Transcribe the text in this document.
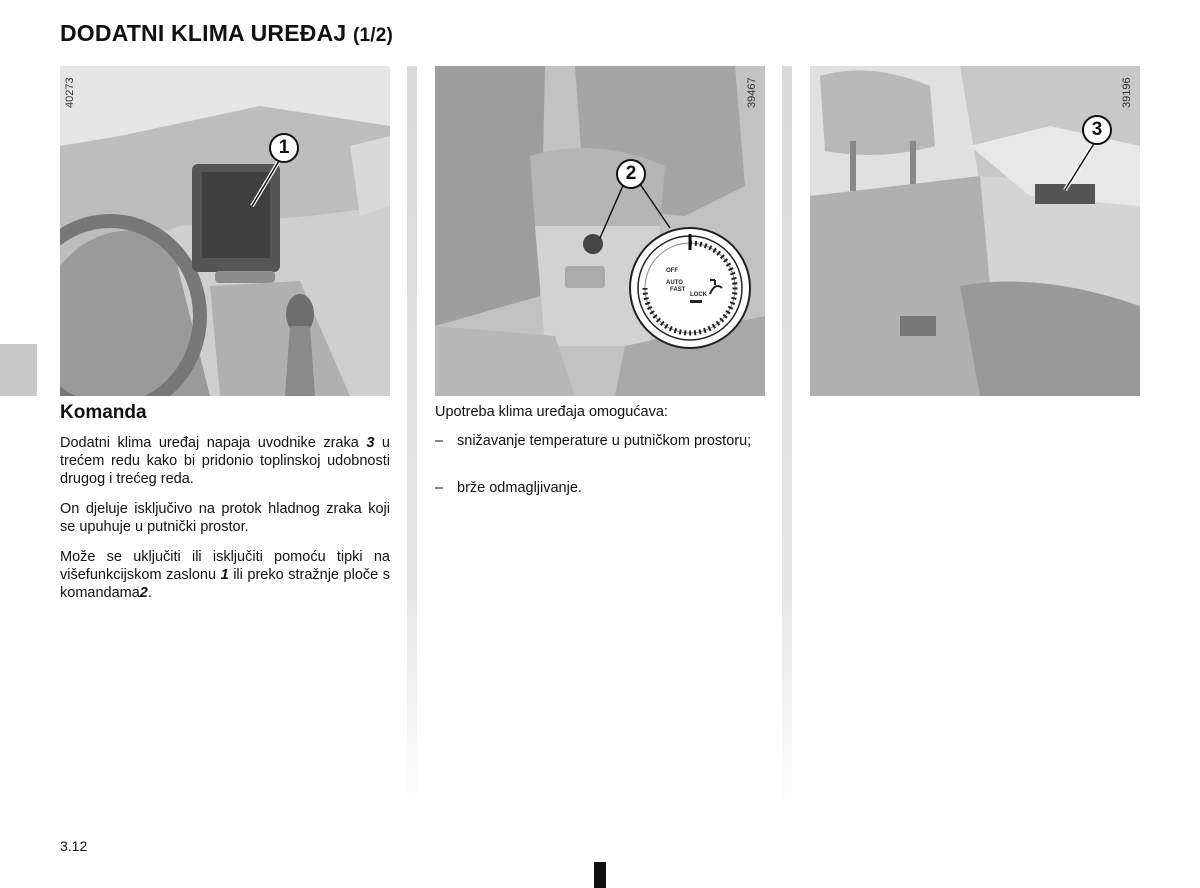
DODATNI KLIMA UREĐAJ (1/2)
40273
1
39467
2
OFF
AUTO
FAST
LOCK
39196
3
Komanda
Dodatni klima uređaj napaja uvodnike zraka 3 u trećem redu kako bi pridonio toplinskoj udobnosti drugog i trećeg reda.
On djeluje isključivo na protok hladnog zraka koji se upuhuje u putnički prostor.
Može se uključiti ili isključiti pomoću tipki na višefunkcijskom zaslonu 1 ili preko stražnje ploče s komandama2.
Upotreba klima uređaja omogućava:
– snižavanje temperature u putničkom prostoru;
– brže odmagljivanje.
3.12
